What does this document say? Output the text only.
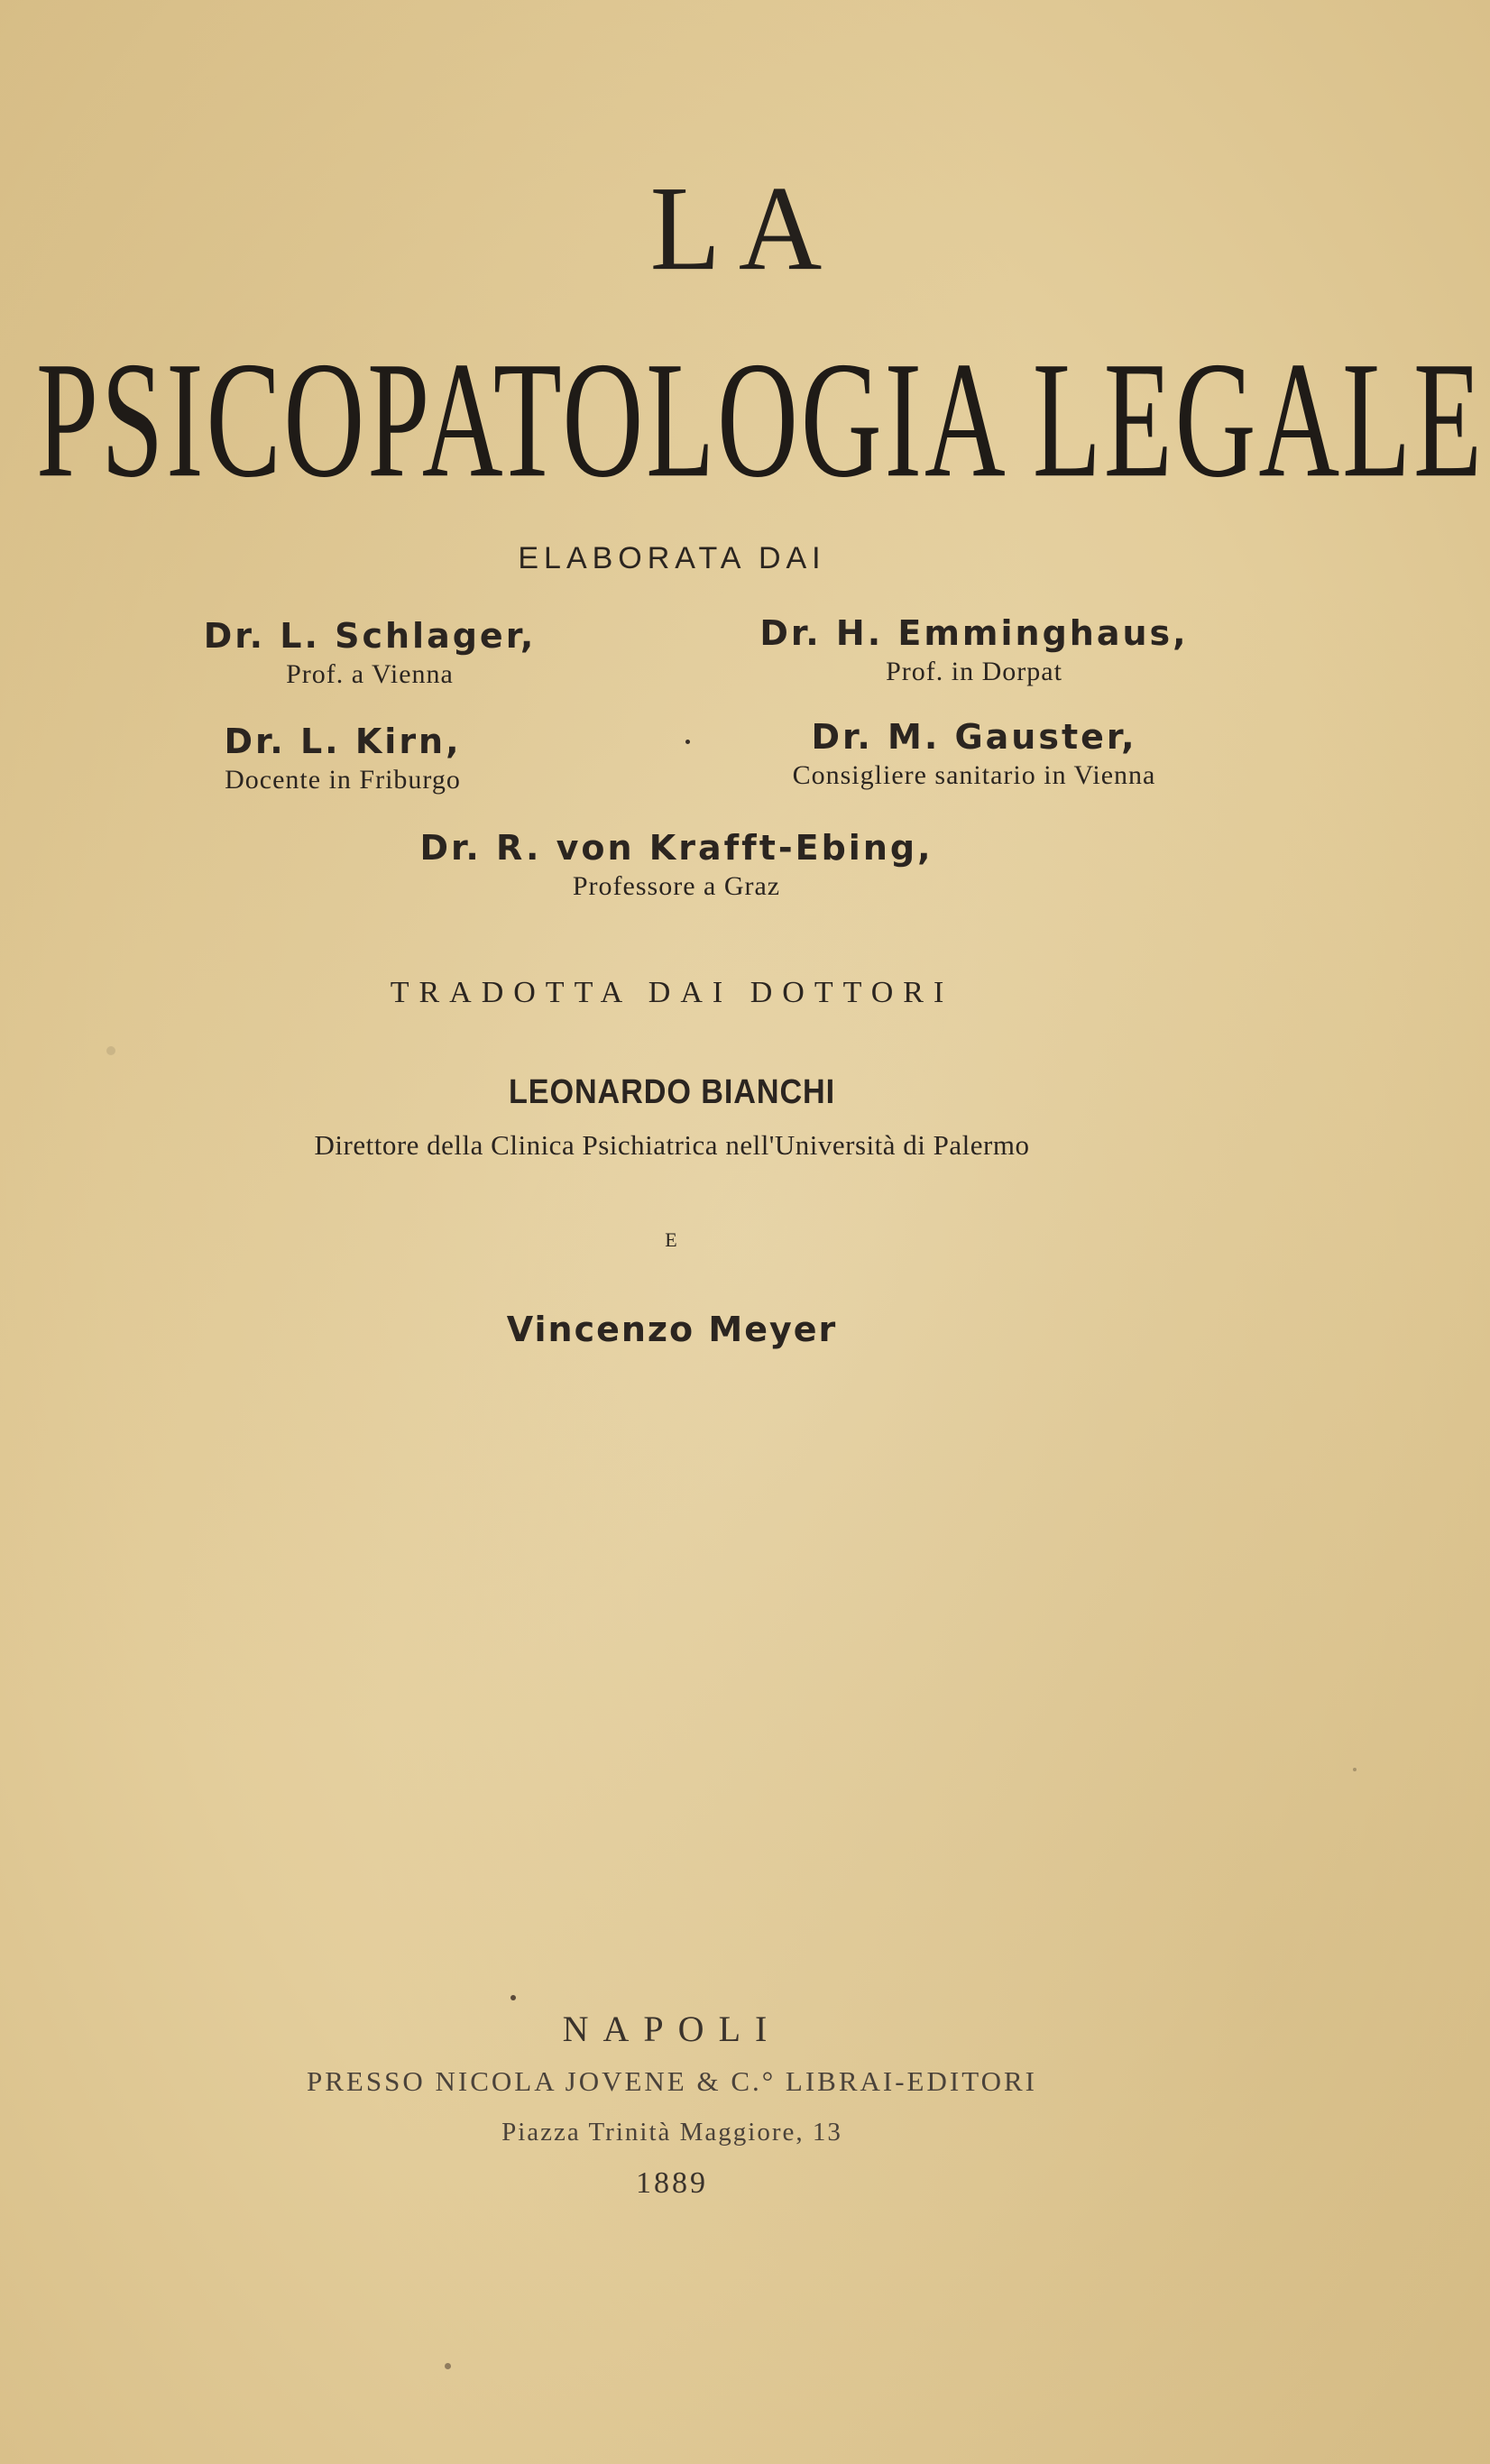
LA
PSICOPATOLOGIA LEGALE
ELABORATA DAI
Dr. L. Schlager,
Prof. a Vienna
Dr. H. Emminghaus,
Prof. in Dorpat
Dr. L. Kirn,
Docente in Friburgo
Dr. M. Gauster,
Consigliere sanitario in Vienna
Dr. R. von Krafft-Ebing,
Professore a Graz
TRADOTTA DAI DOTTORI
LEONARDO BIANCHI
Direttore della Clinica Psichiatrica nell'Università di Palermo
E
Vincenzo Meyer
NAPOLI
PRESSO NICOLA JOVENE & C.° LIBRAI-EDITORI
Piazza Trinità Maggiore, 13
1889
